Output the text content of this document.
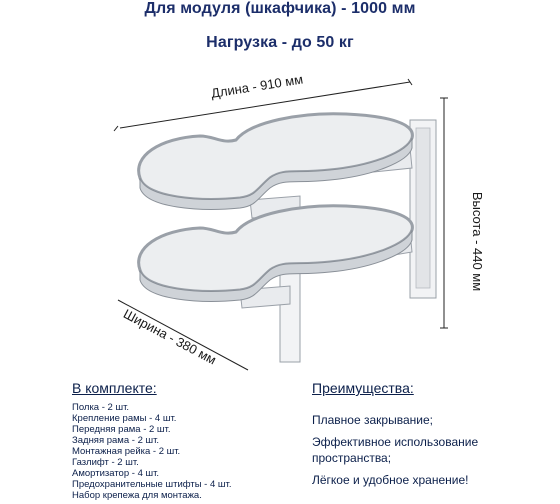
Для модуля (шкафчика) - 1000 мм
Нагрузка - до 50 кг
Длина - 910 мм
Высота - 440 мм
Ширина - 380 мм
В комплекте:
Полка - 2 шт.
Крепление рамы - 4 шт.
Передняя рама - 2 шт.
Задняя рама - 2 шт.
Монтажная рейка - 2 шт.
Газлифт - 2 шт.
Амортизатор - 4 шт.
Предохранительные штифты - 4 шт.
Набор крепежа для монтажа.
Преимущества:
Плавное закрывание;
Эффективное использование пространства;
Лёгкое и удобное хранение!
